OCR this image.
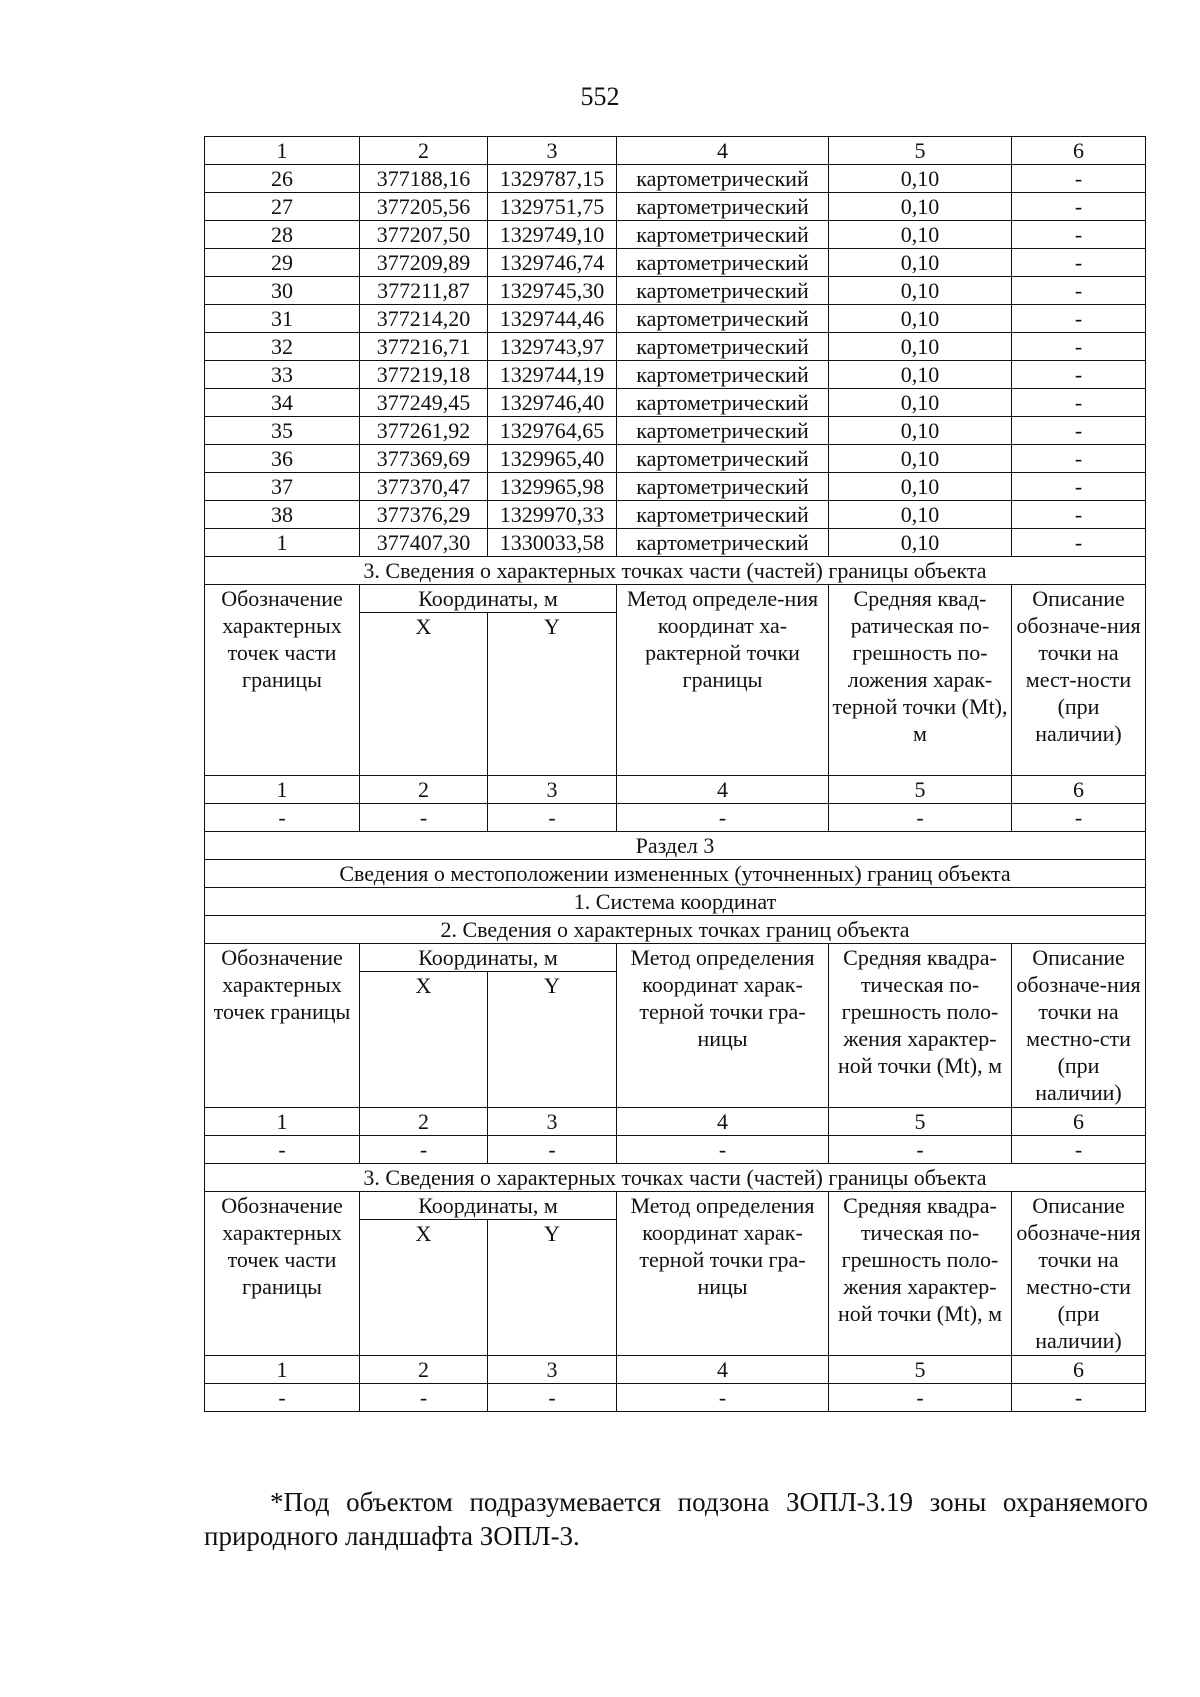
552
1	2	3	4	5	6
26	377188,16	1329787,15	картометрический	0,10	-
27	377205,56	1329751,75	картометрический	0,10	-
28	377207,50	1329749,10	картометрический	0,10	-
29	377209,89	1329746,74	картометрический	0,10	-
30	377211,87	1329745,30	картометрический	0,10	-
31	377214,20	1329744,46	картометрический	0,10	-
32	377216,71	1329743,97	картометрический	0,10	-
33	377219,18	1329744,19	картометрический	0,10	-
34	377249,45	1329746,40	картометрический	0,10	-
35	377261,92	1329764,65	картометрический	0,10	-
36	377369,69	1329965,40	картометрический	0,10	-
37	377370,47	1329965,98	картометрический	0,10	-
38	377376,29	1329970,33	картометрический	0,10	-
1	377407,30	1330033,58	картометрический	0,10	-
3. Сведения о характерных точках части (частей) границы объекта					
Обозначение характерных точек части границы	Координаты, м		Метод определе-ния координат ха-рактерной точки границы	Средняя квад-ратическая по-грешность по-ложения харак-терной точки (Mt), м	Описание обозначе-ния точки на мест-ности (при наличии)
	X	Y			
1	2	3	4	5	6
-	-	-	-	-	-
Раздел 3					
Сведения о местоположении измененных (уточненных) границ объекта					
1. Система координат					
2. Сведения о характерных точках границ объекта					
Обозначение характерных точек границы	Координаты, м		Метод определения координат харак-терной точки гра-ницы	Средняя квадра-тическая по-грешность поло-жения характер-ной точки (Mt), м	Описание обозначе-ния точки на местно-сти (при наличии)
	X	Y			
1	2	3	4	5	6
-	-	-	-	-	-
3. Сведения о характерных точках части (частей) границы объекта					
Обозначение характерных точек части границы	Координаты, м		Метод определения координат харак-терной точки гра-ницы	Средняя квадра-тическая по-грешность поло-жения характер-ной точки (Mt), м	Описание обозначе-ния точки на местно-сти (при наличии)
	X	Y			
1	2	3	4	5	6
-	-	-	-	-	-
*Под объектом подразумевается подзона ЗОПЛ-3.19 зоны охраняемого природного ландшафта ЗОПЛ-3.
